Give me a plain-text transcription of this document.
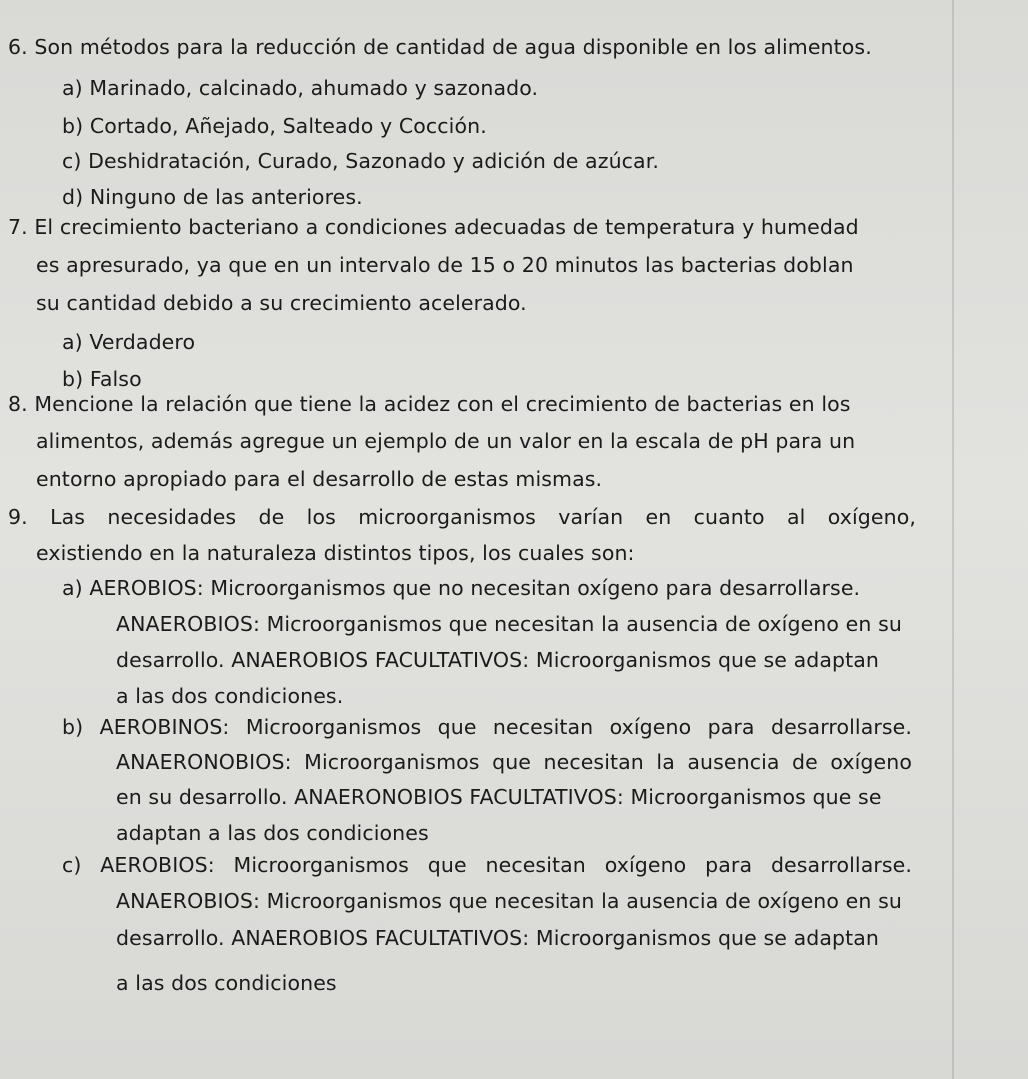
6. Son métodos para la reducción de cantidad de agua disponible en los alimentos.
a) Marinado, calcinado, ahumado y sazonado.
b) Cortado, Añejado, Salteado y Cocción.
c) Deshidratación, Curado, Sazonado y adición de azúcar.
d) Ninguno de las anteriores.
7. El crecimiento bacteriano a condiciones adecuadas de temperatura y humedad
es apresurado, ya que en un intervalo de 15 o 20 minutos las bacterias doblan
su cantidad debido a su crecimiento acelerado.
a) Verdadero
b) Falso
8. Mencione la relación que tiene la acidez con el crecimiento de bacterias en los
alimentos, además agregue un ejemplo de un valor en la escala de pH para un
entorno apropiado para el desarrollo de estas mismas.
9. Las necesidades de los microorganismos varían en cuanto al oxígeno,
existiendo en la naturaleza distintos tipos, los cuales son:
a) AEROBIOS: Microorganismos que no necesitan oxígeno para desarrollarse.
ANAEROBIOS: Microorganismos que necesitan la ausencia de oxígeno en su
desarrollo. ANAEROBIOS FACULTATIVOS: Microorganismos que se adaptan
a las dos condiciones.
b) AEROBINOS: Microorganismos que necesitan oxígeno para desarrollarse.
ANAERONOBIOS: Microorganismos que necesitan la ausencia de oxígeno
en su desarrollo. ANAERONOBIOS FACULTATIVOS: Microorganismos que se
adaptan a las dos condiciones
c) AEROBIOS: Microorganismos que necesitan oxígeno para desarrollarse.
ANAEROBIOS: Microorganismos que necesitan la ausencia de oxígeno en su
desarrollo. ANAEROBIOS FACULTATIVOS: Microorganismos que se adaptan
a las dos condiciones
